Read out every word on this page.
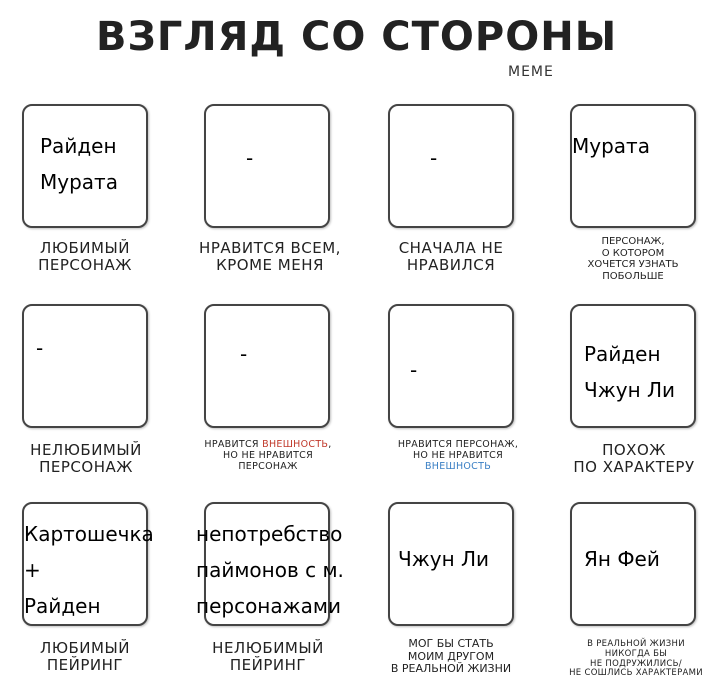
ВЗГЛЯД СО СТОРОНЫ
MEME
ЛЮБИМЫЙ
ПЕРСОНАЖ
НРАВИТСЯ ВСЕМ,
КРОМЕ МЕНЯ
СНАЧАЛА НЕ
НРАВИЛСЯ
ПЕРСОНАЖ,
О КОТОРОМ
ХОЧЕТСЯ УЗНАТЬ
ПОБОЛЬШЕ
НЕЛЮБИМЫЙ
ПЕРСОНАЖ
НРАВИТСЯ ВНЕШНОСТЬ,
НО НЕ НРАВИТСЯ
ПЕРСОНАЖ
НРАВИТСЯ ПЕРСОНАЖ,
НО НЕ НРАВИТСЯ
ВНЕШНОСТЬ
ПОХОЖ
ПО ХАРАКТЕРУ
ЛЮБИМЫЙ
ПЕЙРИНГ
НЕЛЮБИМЫЙ
ПЕЙРИНГ
МОГ БЫ СТАТЬ
МОИМ ДРУГОМ
В РЕАЛЬНОЙ ЖИЗНИ
В РЕАЛЬНОЙ ЖИЗНИ
НИКОГДА БЫ
НЕ ПОДРУЖИЛИСЬ/
НЕ СОШЛИСЬ ХАРАКТЕРАМИ
Райден
Мурата
-	-	Мурата
-	-
-
Райден
Чжун Ли
Картошечка
+
Райден
непотребство
паймонов с м.
персонажами
Чжун Ли	Ян Фей
